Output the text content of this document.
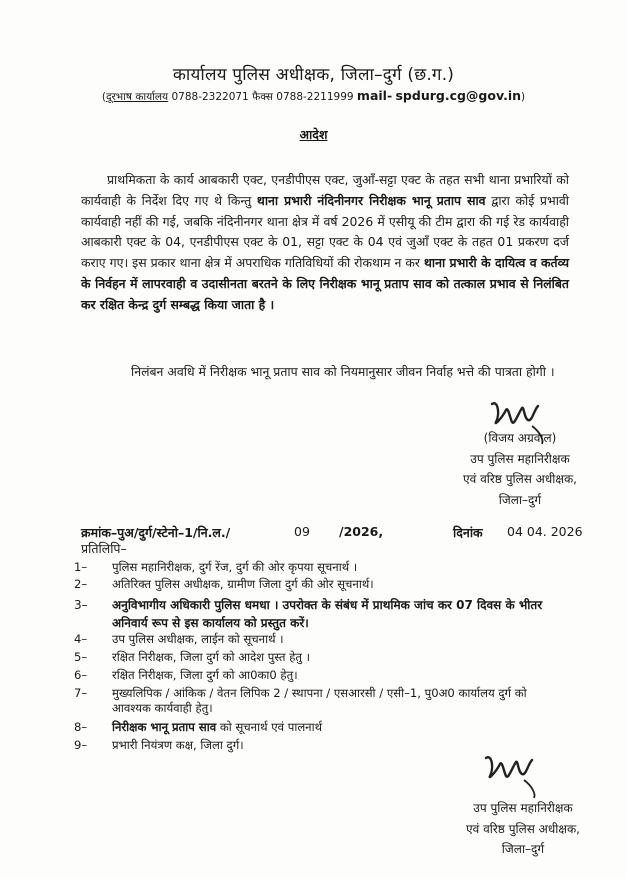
कार्यालय पुलिस अधीक्षक, जिला–दुर्ग (छ.ग.)
(दूरभाष कार्यालय 0788-2322071 फैक्स 0788-2211999 mail- spdurg.cg@gov.in)
आदेश
प्राथमिकता के कार्य आबकारी एक्ट, एनडीपीएस एक्ट, जुआँ-सट्टा एक्ट के तहत सभी थाना प्रभारियों को कार्यवाही के निर्देश दिए गए थे किन्तु थाना प्रभारी नंदिनीनगर निरीक्षक भानू प्रताप साव द्वारा कोई प्रभावी कार्यवाही नहीं की गई, जबकि नंदिनीनगर थाना क्षेत्र में वर्ष 2026 में एसीयू की टीम द्वारा की गई रेड कार्यवाही आबकारी एक्ट के 04, एनडीपीएस एक्ट के 01, सट्टा एक्ट के 04 एवं जुआँ एक्ट के तहत 01 प्रकरण दर्ज कराए गए। इस प्रकार थाना क्षेत्र में अपराधिक गतिविधियों की रोकथाम न कर थाना प्रभारी के दायित्व व कर्तव्य के निर्वहन में लापरवाही व उदासीनता बरतने के लिए निरीक्षक भानू प्रताप साव को तत्काल प्रभाव से निलंबित कर रक्षित केन्द्र दुर्ग सम्बद्ध किया जाता है ।
निलंबन अवधि में निरीक्षक भानू प्रताप साव को नियमानुसार जीवन निर्वाह भत्ते की पात्रता होगी ।
(विजय अग्रवाल)
उप पुलिस महानिरीक्षक
एवं वरिष्ठ पुलिस अधीक्षक,
जिला–दुर्ग
क्रमांक–पुअ/दुर्ग/स्टेनो–1/नि.ल./	09 /2026,	दिनांक 04 04. 2026
प्रतिलिपि–
1– पुलिस महानिरीक्षक, दुर्ग रेंज, दुर्ग की ओर कृपया सूचनार्थ ।
2– अतिरिक्त पुलिस अधीक्षक, ग्रामीण जिला दुर्ग की ओर सूचनार्थ।
3– अनुविभागीय अधिकारी पुलिस धमधा । उपरोक्त के संबंध में प्राथमिक जांच कर 07 दिवस के भीतर अनिवार्य रूप से इस कार्यालय को प्रस्तुत करें।
4– उप पुलिस अधीक्षक, लाईन को सूचनार्थ ।
5– रक्षित निरीक्षक, जिला दुर्ग को आदेश पुस्त हेतु ।
6– रक्षित निरीक्षक, जिला दुर्ग को आ0का0 हेतु।
7– मुख्यलिपिक / आंकिक / वेतन लिपिक 2 / स्थापना / एसआरसी / एसी–1, पु0अ0 कार्यालय दुर्ग को आवश्यक कार्यवाही हेतु।
8– निरीक्षक भानू प्रताप साव को सूचनार्थ एवं पालनार्थ
9– प्रभारी नियंत्रण कक्ष, जिला दुर्ग।
उप पुलिस महानिरीक्षक
एवं वरिष्ठ पुलिस अधीक्षक,
जिला–दुर्ग
